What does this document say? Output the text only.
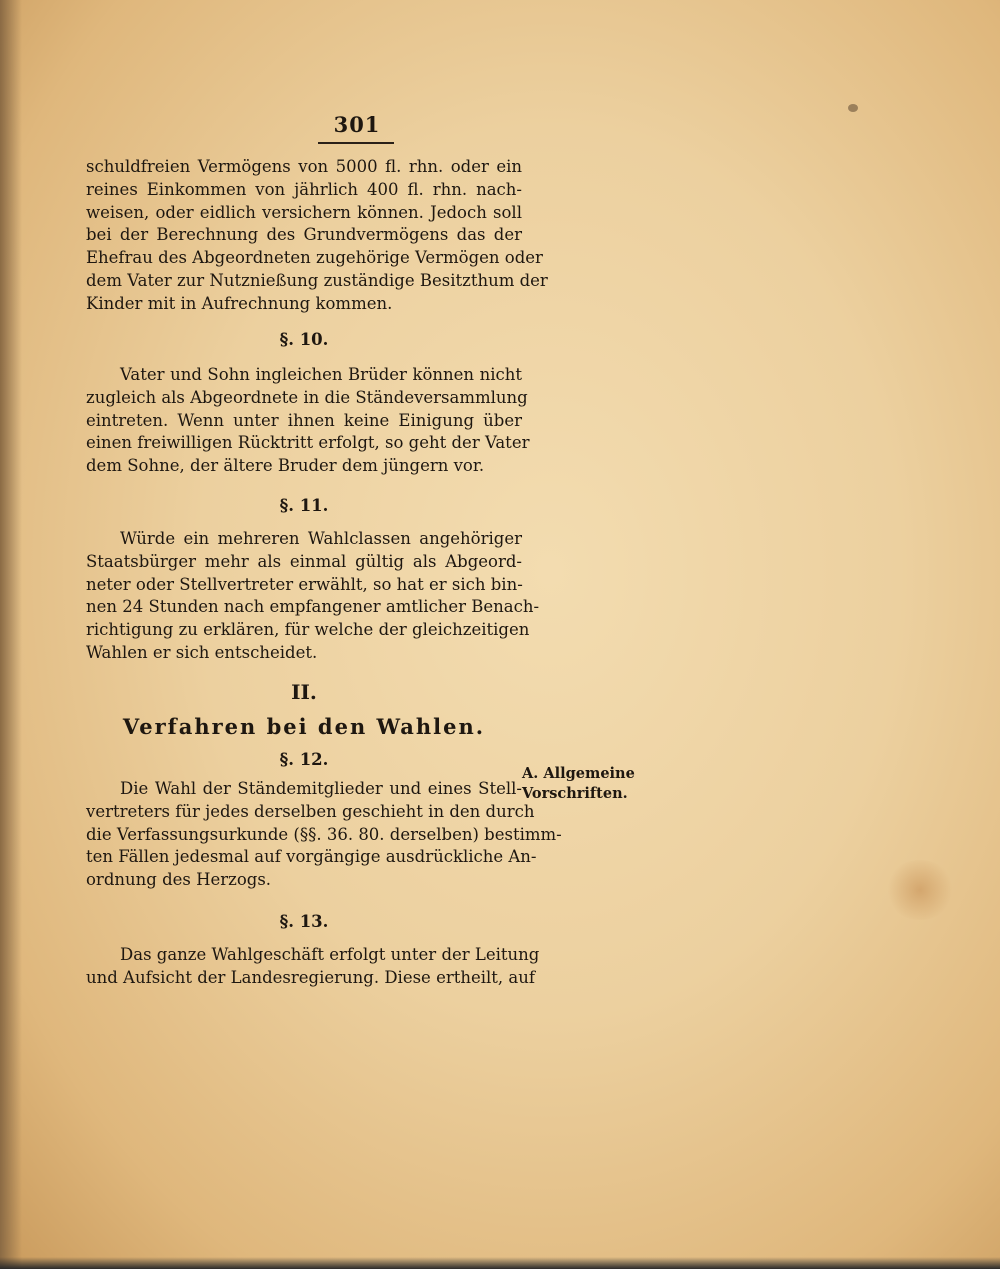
301
schuldfreien Vermögens von 5000 fl. rhn. oder ein
reines Einkommen von jährlich 400 fl. rhn. nach-
weisen, oder eidlich versichern können. Jedoch soll
bei der Berechnung des Grundvermögens das der
Ehefrau des Abgeordneten zugehörige Vermögen oder
dem Vater zur Nutznießung zuständige Besitzthum der
Kinder mit in Aufrechnung kommen.
§. 10.
Vater und Sohn ingleichen Brüder können nicht
zugleich als Abgeordnete in die Ständeversammlung
eintreten. Wenn unter ihnen keine Einigung über
einen freiwilligen Rücktritt erfolgt, so geht der Vater
dem Sohne, der ältere Bruder dem jüngern vor.
§. 11.
Würde ein mehreren Wahlclassen angehöriger
Staatsbürger mehr als einmal gültig als Abgeord-
neter oder Stellvertreter erwählt, so hat er sich bin-
nen 24 Stunden nach empfangener amtlicher Benach-
richtigung zu erklären, für welche der gleichzeitigen
Wahlen er sich entscheidet.
II.
Verfahren bei den Wahlen.
§. 12.
A. Allgemeine
Vorschriften.
Die Wahl der Ständemitglieder und eines Stell-
vertreters für jedes derselben geschieht in den durch
die Verfassungsurkunde (§§. 36. 80. derselben) bestimm-
ten Fällen jedesmal auf vorgängige ausdrückliche An-
ordnung des Herzogs.
§. 13.
Das ganze Wahlgeschäft erfolgt unter der Leitung
und Aufsicht der Landesregierung. Diese ertheilt, auf
